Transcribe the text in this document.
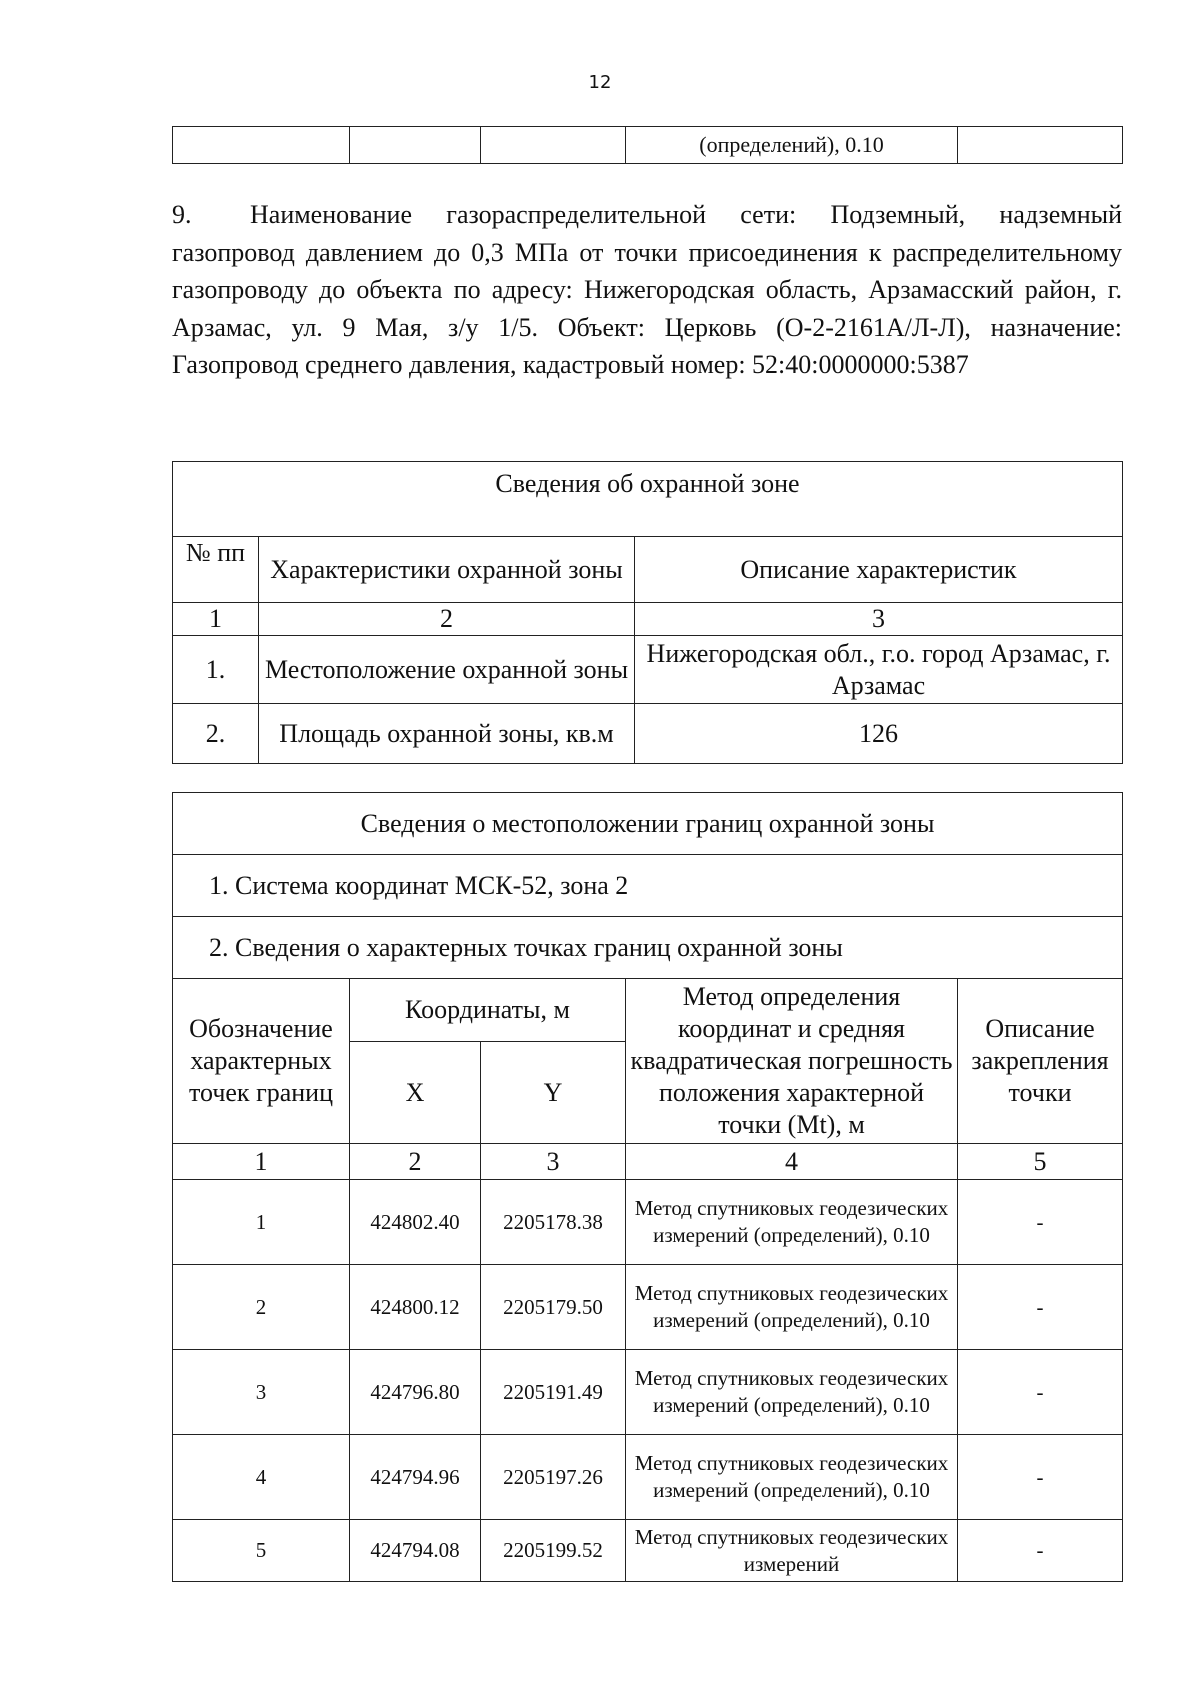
12
			(определений), 0.10	
9. Наименование газораспределительной сети: Подземный, надземный газопровод давлением до 0,3 МПа от точки присоединения к распределительному газопроводу до объекта по адресу: Нижегородская область, Арзамасский район, г. Арзамас, ул. 9 Мая, з/у 1/5. Объект: Церковь (О-2-2161А/Л-Л), назначение: Газопровод среднего давления, кадастровый номер: 52:40:0000000:5387
Сведения об охранной зоне		
№ пп	Характеристики охранной зоны	Описание характеристик
1	2	3
1.	Местоположение охранной зоны	Нижегородская обл., г.о. город Арзамас, г. Арзамас
2.	Площадь охранной зоны, кв.м	126
Сведения о местоположении границ охранной зоны				
1. Система координат МСК-52, зона 2				
2. Сведения о характерных точках границ охранной зоны				
Обозначение характерных точек границ	Координаты, м		Метод определения координат и средняя квадратическая погрешность положения характерной точки (Mt), м	Описание закрепления точки
	X	Y		
1	2	3	4	5
1	424802.40	2205178.38	Метод спутниковых геодезических измерений (определений), 0.10	-
2	424800.12	2205179.50	Метод спутниковых геодезических измерений (определений), 0.10	-
3	424796.80	2205191.49	Метод спутниковых геодезических измерений (определений), 0.10	-
4	424794.96	2205197.26	Метод спутниковых геодезических измерений (определений), 0.10	-
5	424794.08	2205199.52	Метод спутниковых геодезических измерений	-
